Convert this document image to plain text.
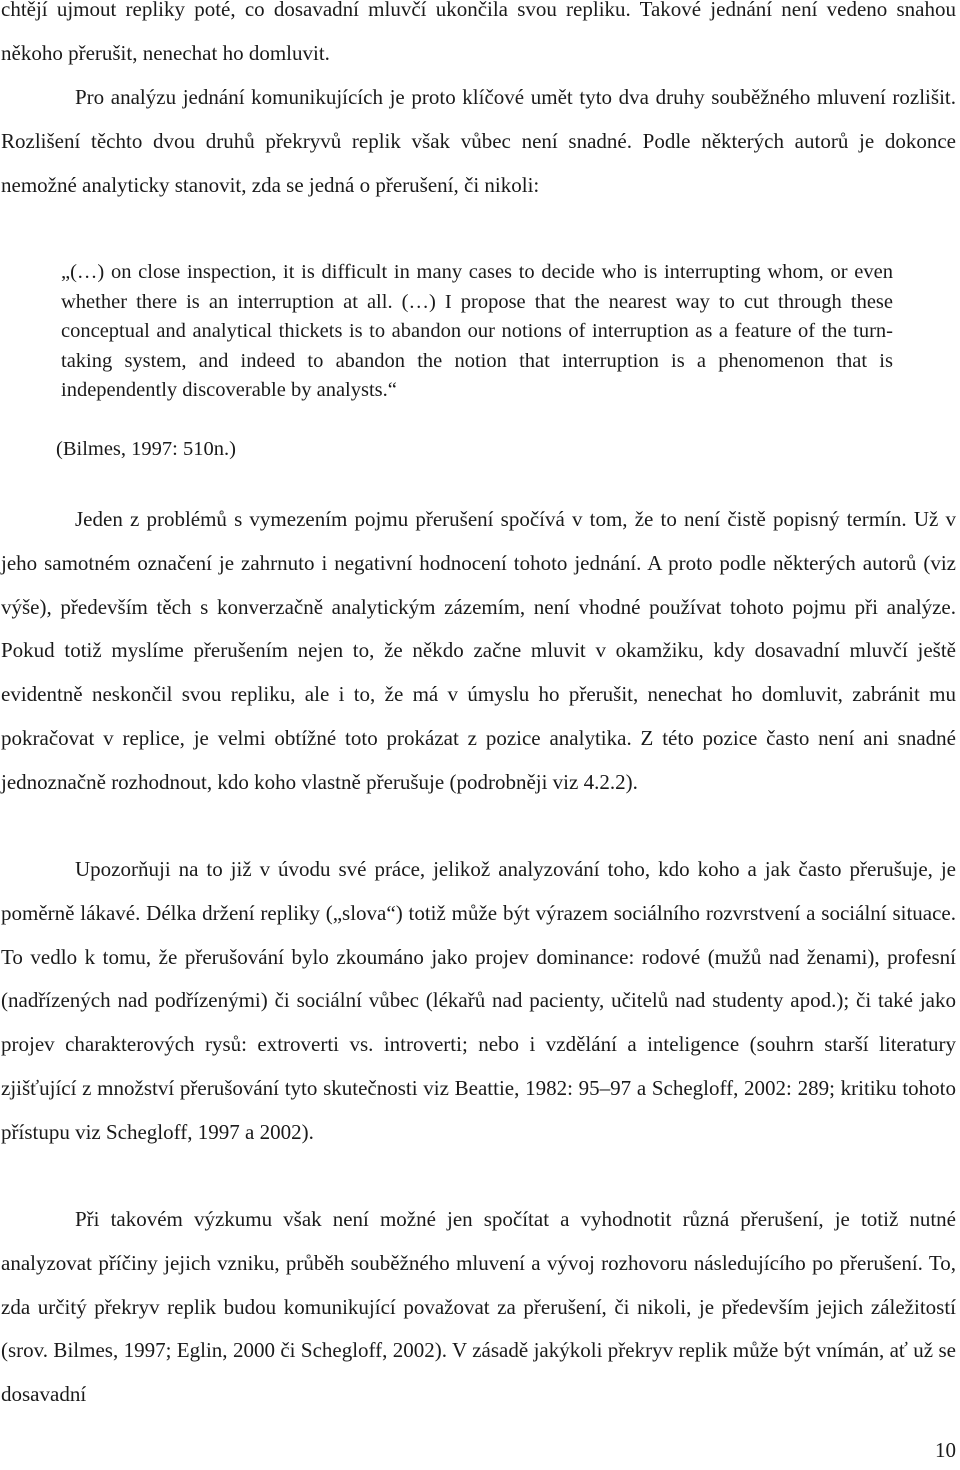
chtějí ujmout repliky poté, co dosavadní mluvčí ukončila svou repliku. Takové jednání není vedeno snahou někoho přerušit, nenechat ho domluvit.

Pro analýzu jednání komunikujících je proto klíčové umět tyto dva druhy souběžného mluvení rozlišit. Rozlišení těchto dvou druhů překryvů replik však vůbec není snadné. Podle některých autorů je dokonce nemožné analyticky stanovit, zda se jedná o přerušení, či nikoli:

„(…) on close inspection, it is difficult in many cases to decide who is interrupting whom, or even whether there is an interruption at all. (…) I propose that the nearest way to cut through these conceptual and analytical thickets is to abandon our notions of interruption as a feature of the turn-taking system, and indeed to abandon the notion that interruption is a phenomenon that is independently discoverable by analysts.“

(Bilmes, 1997: 510n.)

Jeden z problémů s vymezením pojmu přerušení spočívá v tom, že to není čistě popisný termín. Už v jeho samotném označení je zahrnuto i negativní hodnocení tohoto jednání. A proto podle některých autorů (viz výše), především těch s konverzačně analytickým zázemím, není vhodné používat tohoto pojmu při analýze. Pokud totiž myslíme přerušením nejen to, že někdo začne mluvit v okamžiku, kdy dosavadní mluvčí ještě evidentně neskončil svou repliku, ale i to, že má v úmyslu ho přerušit, nenechat ho domluvit, zabránit mu pokračovat v replice, je velmi obtížné toto prokázat z pozice analytika. Z této pozice často není ani snadné jednoznačně rozhodnout, kdo koho vlastně přerušuje (podrobněji viz 4.2.2).

Upozorňuji na to již v úvodu své práce, jelikož analyzování toho, kdo koho a jak často přerušuje, je poměrně lákavé. Délka držení repliky („slova“) totiž může být výrazem sociálního rozvrstvení a sociální situace. To vedlo k tomu, že přerušování bylo zkoumáno jako projev dominance: rodové (mužů nad ženami), profesní (nadřízených nad podřízenými) či sociální vůbec (lékařů nad pacienty, učitelů nad studenty apod.); či také jako projev charakterových rysů: extroverti vs. introverti; nebo i vzdělání a inteligence (souhrn starší literatury zjišťující z množství přerušování tyto skutečnosti viz Beattie, 1982: 95–97 a Schegloff, 2002: 289; kritiku tohoto přístupu viz Schegloff, 1997 a 2002).

Při takovém výzkumu však není možné jen spočítat a vyhodnotit různá přerušení, je totiž nutné analyzovat příčiny jejich vzniku, průběh souběžného mluvení a vývoj rozhovoru následujícího po přerušení. To, zda určitý překryv replik budou komunikující považovat za přerušení, či nikoli, je především jejich záležitostí (srov. Bilmes, 1997; Eglin, 2000 či Schegloff, 2002). V zásadě jakýkoli překryv replik může být vnímán, ať už se dosavadní

10
